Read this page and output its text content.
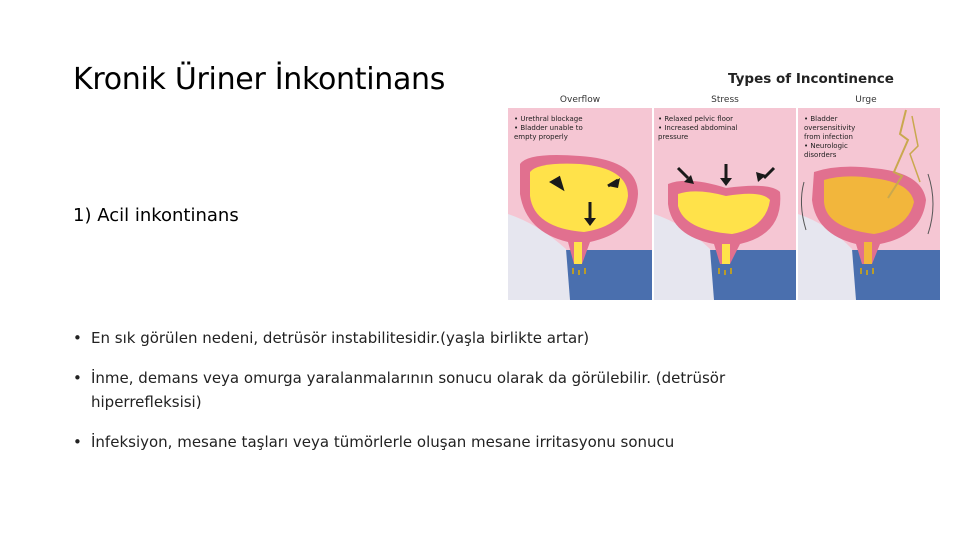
Kronik Üriner İnkontinans	Types of Incontinence
Overflow	Stress	Urge
• Urethral blockage
• Bladder unable to
empty properly
• Relaxed pelvic floor
• Increased abdominal
pressure
• Bladder
oversensitivity
from infection
• Neurologic
disorders
1) Acil inkontinans
• En sık görülen nedeni, detrüsör instabilitesidir.(yaşla birlikte artar)
• İnme, demans veya omurga yaralanmalarının sonucu olarak da görülebilir. (detrüsör hiperrefleksisi)
• İnfeksiyon, mesane taşları veya tümörlerle oluşan mesane irritasyonu sonucu
